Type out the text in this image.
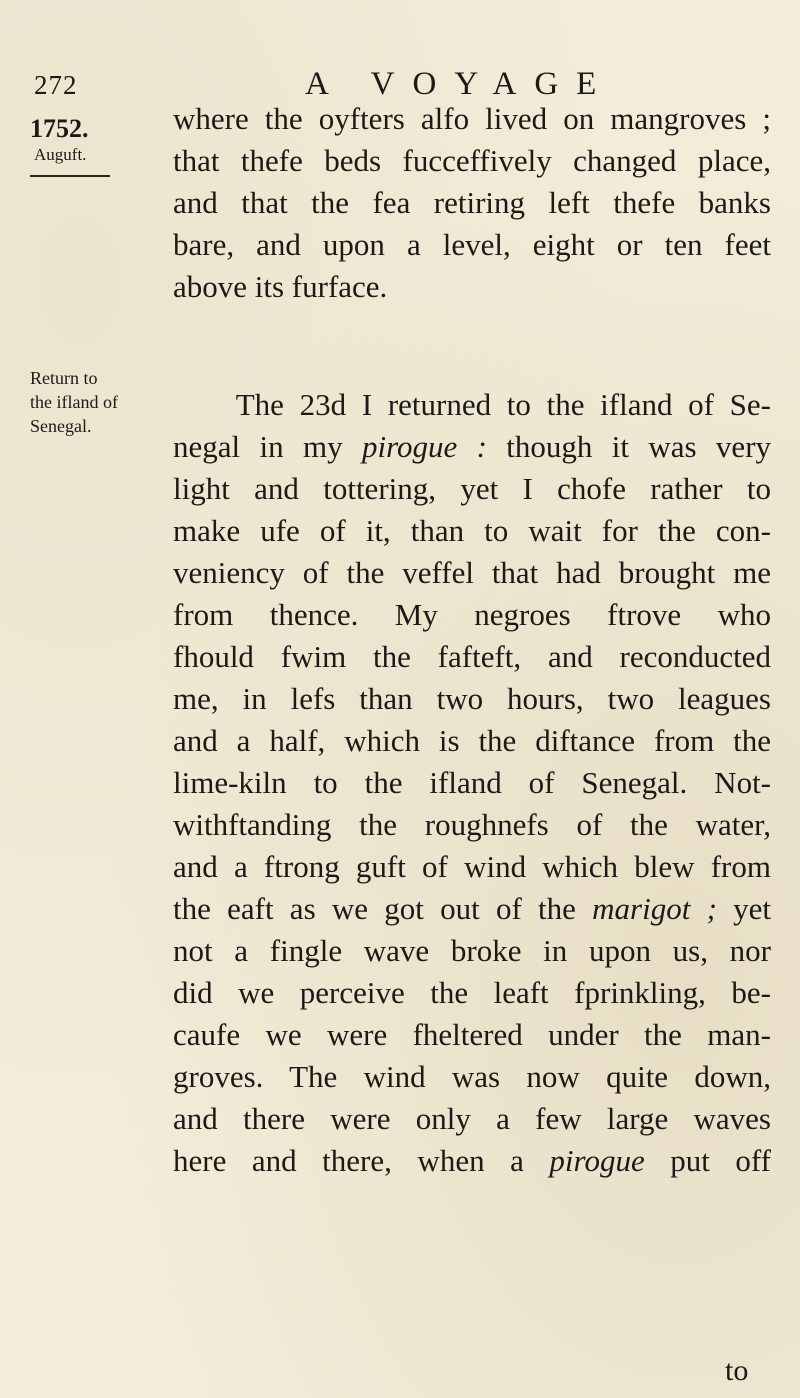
272	A VOYAGE
1752.
Auguft.
Return to
the ifland of
Senegal.

where the oyfters alfo lived on mangroves ;
that thefe beds fucceffively changed place,
and that the fea retiring left thefe banks
bare, and upon a level, eight or ten feet
above its furface.

The 23d I returned to the ifland of Se-
negal in my pirogue : though it was very
light and tottering, yet I chofe rather to
make ufe of it, than to wait for the con-
veniency of the veffel that had brought me
from thence. My negroes ftrove who
fhould fwim the fafteft, and reconducted
me, in lefs than two hours, two leagues
and a half, which is the diftance from the
lime-kiln to the ifland of Senegal. Not-
withftanding the roughnefs of the water,
and a ftrong guft of wind which blew from
the eaft as we got out of the marigot ; yet
not a fingle wave broke in upon us, nor
did we perceive the leaft fprinkling, be-
caufe we were fheltered under the man-
groves. The wind was now quite down,
and there were only a few large waves
here and there, when a pirogue put off

to
